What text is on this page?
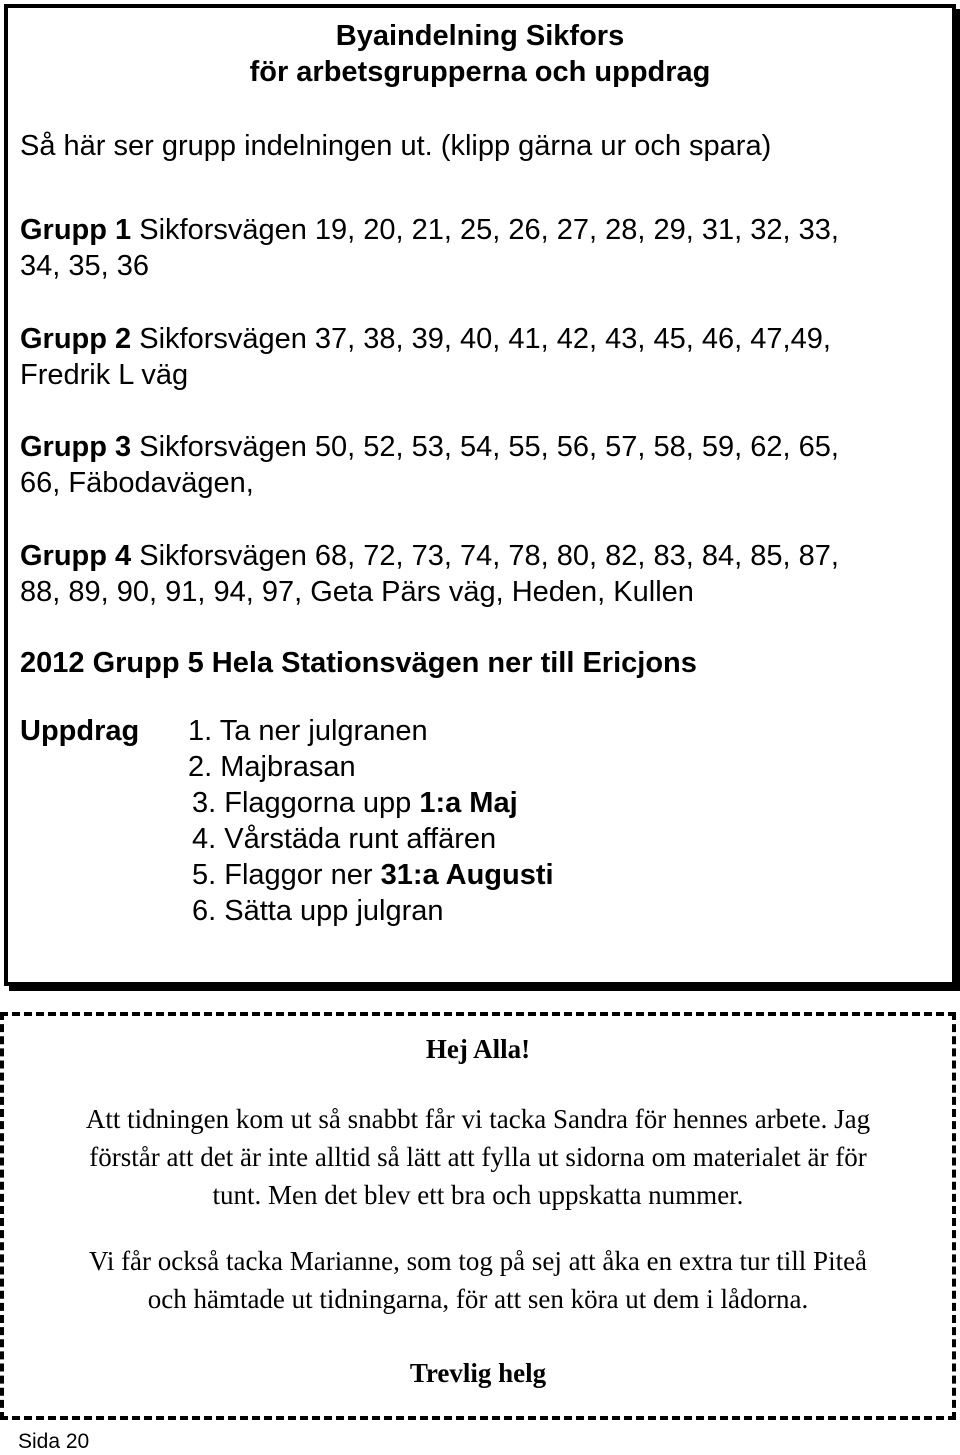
Byaindelning Sikfors
för arbetsgrupperna och uppdrag
Så här ser grupp indelningen ut. (klipp gärna ur och spara)
Grupp 1 Sikforsvägen 19, 20, 21, 25, 26, 27, 28, 29, 31, 32, 33,
34, 35, 36
Grupp 2 Sikforsvägen 37, 38, 39, 40, 41, 42, 43, 45, 46, 47,49,
Fredrik L väg
Grupp 3 Sikforsvägen 50, 52, 53, 54, 55, 56, 57, 58, 59, 62, 65,
66, Fäbodavägen,
Grupp 4 Sikforsvägen 68, 72, 73, 74, 78, 80, 82, 83, 84, 85, 87,
88, 89, 90, 91, 94, 97, Geta Pärs väg, Heden, Kullen
2012 Grupp 5 Hela Stationsvägen ner till Ericjons
Uppdrag 1. Ta ner julgranen
2. Majbrasan
3. Flaggorna upp 1:a Maj
4. Vårstäda runt affären
5. Flaggor ner 31:a Augusti
6. Sätta upp julgran
Hej Alla!
Att tidningen kom ut så snabbt får vi tacka Sandra för hennes arbete. Jag
förstår att det är inte alltid så lätt att fylla ut sidorna om materialet är för
tunt. Men det blev ett bra och uppskatta nummer.
Vi får också tacka Marianne, som tog på sej att åka en extra tur till Piteå
och hämtade ut tidningarna, för att sen köra ut dem i lådorna.
Trevlig helg
Sida 20
